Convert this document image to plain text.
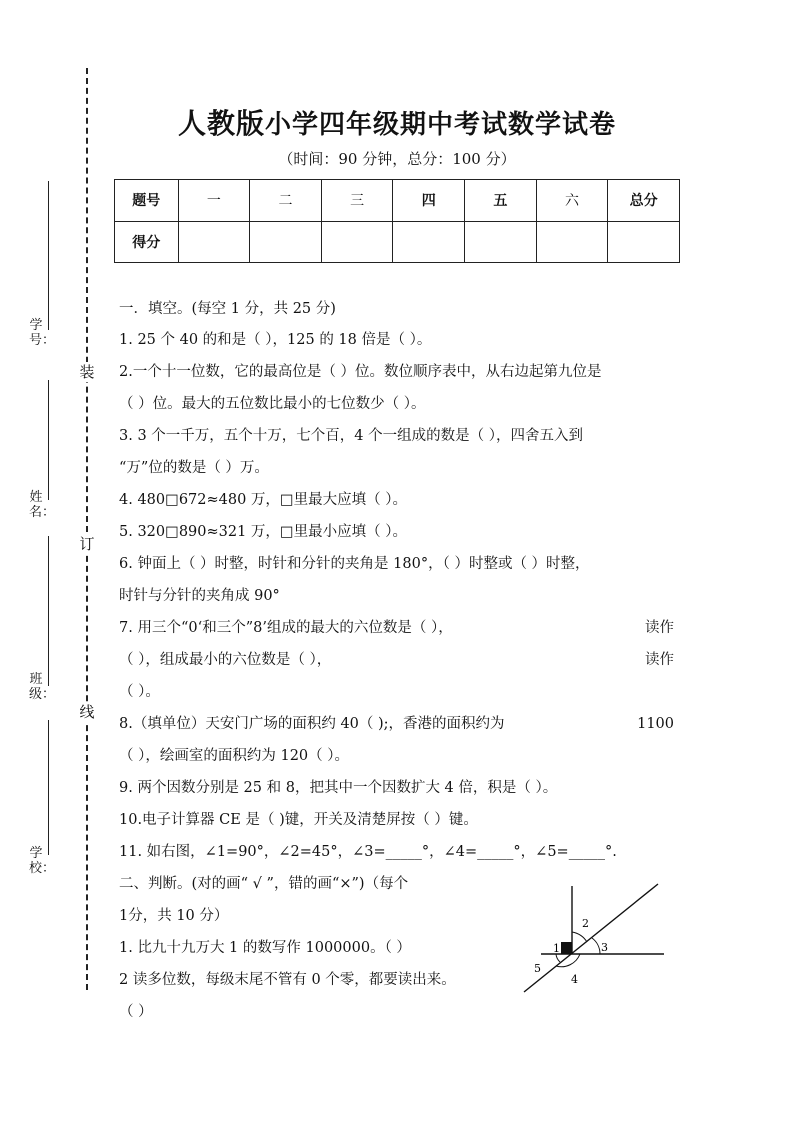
装
订
线
学号：
姓名：
班级：
学校：
人教版小学四年级期中考试数学试卷
（时间：90 分钟，总分：100 分）
题号	一	二	三	四	五	六	总分
得分							
一．填空。(每空 1 分，共 25 分)
1. 25 个 40 的和是（ ），125 的 18 倍是（ ）。
2.一个十一位数，它的最高位是（ ）位。数位顺序表中，从右边起第九位是
（ ）位。最大的五位数比最小的七位数少（ ）。
3. 3 个一千万，五个十万，七个百，4 个一组成的数是（ ），四舍五入到
“万”位的数是（ ）万。
4. 480□672≈480 万，□里最大应填（ ）。
5. 320□890≈321 万，□里最小应填（ ）。
6. 钟面上（ ）时整，时针和分针的夹角是 180°，（ ）时整或（ ）时整，
时针与分针的夹角成 90°
7. 用三个“0‘和三个”8’组成的最大的六位数是（ ），	读作
（ ），组成最小的六位数是（ ），	读作
（ ）。
8.（填单位）天安门广场的面积约 40（ );，香港的面积约为	1100
（ ），绘画室的面积约为 120（ ）。
9. 两个因数分别是 25 和 8，把其中一个因数扩大 4 倍，积是（ ）。
10.电子计算器 CE 是（ )键，开关及清楚屏按（ ）键。
11. 如右图，∠1=90°，∠2=45°，∠3=_____°，∠4=_____°，∠5=_____°.
二、判断。(对的画“ √ ”，错的画“×”)（每个
1分，共 10 分）
1. 比九十九万大 1 的数写作 1000000。（ ）
2 读多位数，每级末尾不管有 0 个零，都要读出来。
（ ）
1
2
3
4
5
